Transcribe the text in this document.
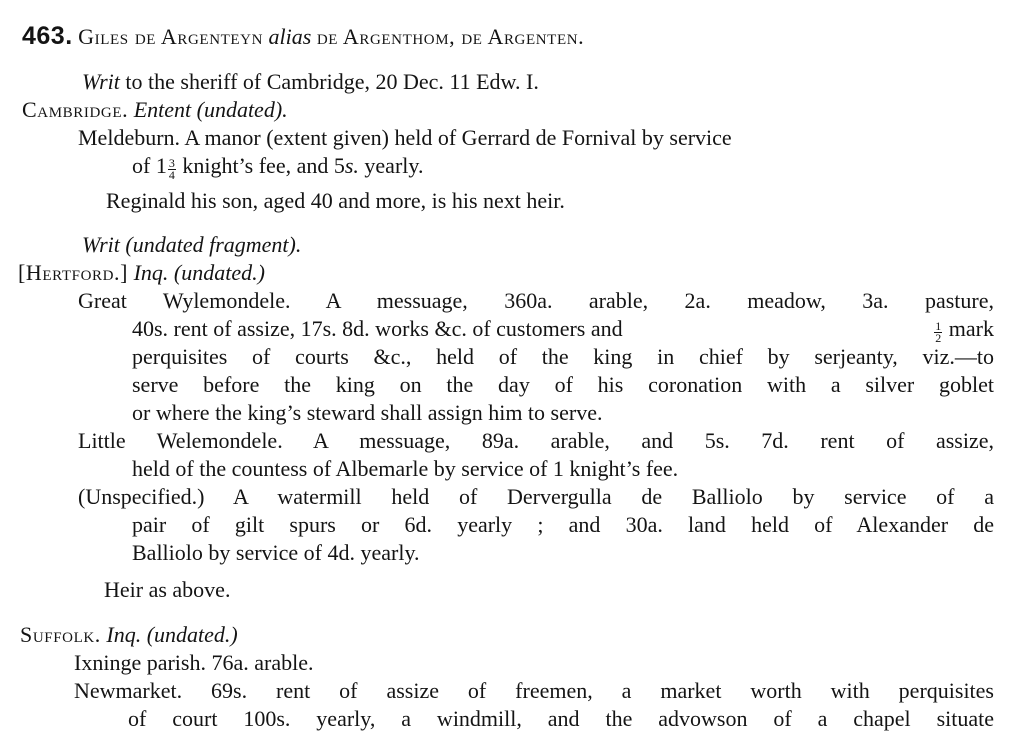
463. Giles de Argenteyn alias de Argenthom, de Argenten.
Writ to the sheriff of Cambridge, 20 Dec. 11 Edw. I.
Cambridge. Entent (undated).
Meldeburn. A manor (extent given) held of Gerrard de Fornival by service
of $1 \frac{3}{4}$ knight’s fee, and 5s. yearly.
Reginald his son, aged 40 and more, is his next heir.
Writ (undated fragment).
[Hertford.] Inq. (undated.)
Great Wylemondele. A messuage, 360a. arable, 2a. meadow, 3a. pasture,
40s. rent of assize, 17s. 8d. works &c. of customers and	$\frac{1}{2}$ mark
perquisites of courts &c., held of the king in chief by serjeanty, viz.—to
serve before the king on the day of his coronation with a silver goblet
or where the king’s steward shall assign him to serve.
Little Welemondele. A messuage, 89a. arable, and 5s. 7d. rent of assize,
held of the countess of Albemarle by service of 1 knight’s fee.
(Unspecified.) A watermill held of Dervergulla de Balliolo by service of a
pair of gilt spurs or 6d. yearly ; and 30a. land held of Alexander de
Balliolo by service of 4d. yearly.
Heir as above.
Suffolk. Inq. (undated.)
Ixninge parish. 76a. arable.
Newmarket. 69s. rent of assize of freemen, a market worth with perquisites
of court 100s. yearly, a windmill, and the advowson of a chapel situate
